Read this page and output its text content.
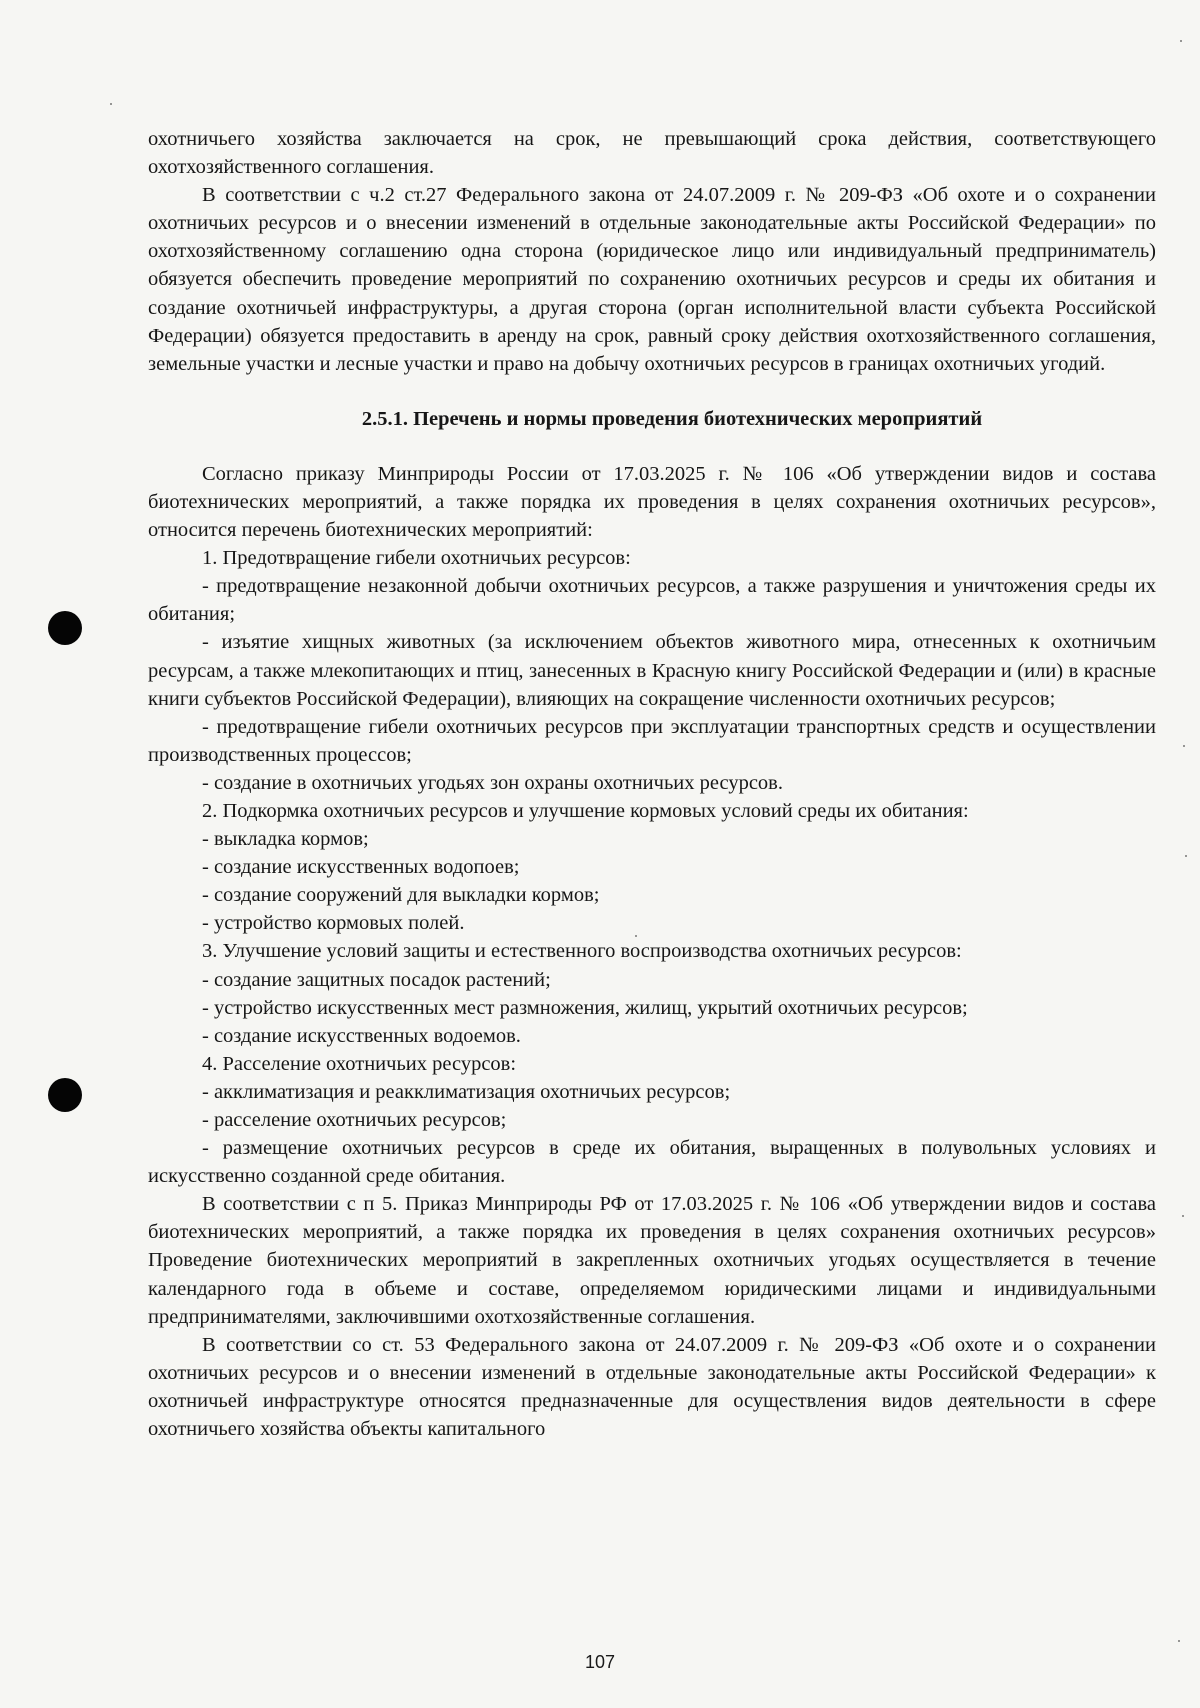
охотничьего хозяйства заключается на срок, не превышающий срока действия, соответствующего охотхозяйственного соглашения.

В соответствии с ч.2 ст.27 Федерального закона от 24.07.2009 г. № 209-ФЗ «Об охоте и о сохранении охотничьих ресурсов и о внесении изменений в отдельные законодательные акты Российской Федерации» по охотхозяйственному соглашению одна сторона (юридическое лицо или индивидуальный предприниматель) обязуется обеспечить проведение мероприятий по сохранению охотничьих ресурсов и среды их обитания и создание охотничьей инфраструктуры, а другая сторона (орган исполнительной власти субъекта Российской Федерации) обязуется предоставить в аренду на срок, равный сроку действия охотхозяйственного соглашения, земельные участки и лесные участки и право на добычу охотничьих ресурсов в границах охотничьих угодий.

2.5.1. Перечень и нормы проведения биотехнических мероприятий

Согласно приказу Минприроды России от 17.03.2025 г. № 106 «Об утверждении видов и состава биотехнических мероприятий, а также порядка их проведения в целях сохранения охотничьих ресурсов», относится перечень биотехнических мероприятий:

1. Предотвращение гибели охотничьих ресурсов:

- предотвращение незаконной добычи охотничьих ресурсов, а также разрушения и уничтожения среды их обитания;

- изъятие хищных животных (за исключением объектов животного мира, отнесенных к охотничьим ресурсам, а также млекопитающих и птиц, занесенных в Красную книгу Российской Федерации и (или) в красные книги субъектов Российской Федерации), влияющих на сокращение численности охотничьих ресурсов;

- предотвращение гибели охотничьих ресурсов при эксплуатации транспортных средств и осуществлении производственных процессов;

- создание в охотничьих угодьях зон охраны охотничьих ресурсов.

2. Подкормка охотничьих ресурсов и улучшение кормовых условий среды их обитания:

- выкладка кормов;

- создание искусственных водопоев;

- создание сооружений для выкладки кормов;

- устройство кормовых полей.

3. Улучшение условий защиты и естественного воспроизводства охотничьих ресурсов:

- создание защитных посадок растений;

- устройство искусственных мест размножения, жилищ, укрытий охотничьих ресурсов;

- создание искусственных водоемов.

4. Расселение охотничьих ресурсов:

- акклиматизация и реакклиматизация охотничьих ресурсов;

- расселение охотничьих ресурсов;

- размещение охотничьих ресурсов в среде их обитания, выращенных в полувольных условиях и искусственно созданной среде обитания.

В соответствии с п 5. Приказ Минприроды РФ от 17.03.2025 г. № 106 «Об утверждении видов и состава биотехнических мероприятий, а также порядка их проведения в целях сохранения охотничьих ресурсов» Проведение биотехнических мероприятий в закрепленных охотничьих угодьях осуществляется в течение календарного года в объеме и составе, определяемом юридическими лицами и индивидуальными предпринимателями, заключившими охотхозяйственные соглашения.

В соответствии со ст. 53 Федерального закона от 24.07.2009 г. № 209-ФЗ «Об охоте и о сохранении охотничьих ресурсов и о внесении изменений в отдельные законодательные акты Российской Федерации» к охотничьей инфраструктуре относятся предназначенные для осуществления видов деятельности в сфере охотничьего хозяйства объекты капитального

107
